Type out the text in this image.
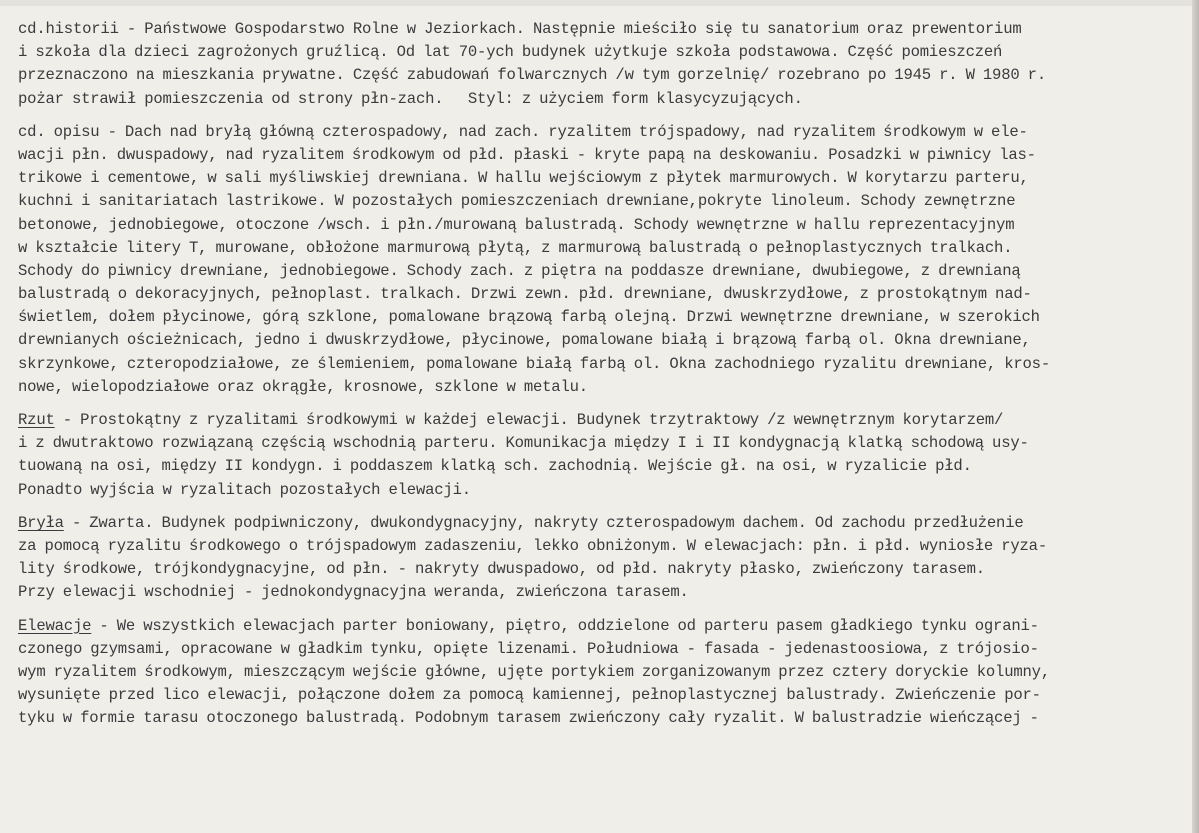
cd.historii - Państwowe Gospodarstwo Rolne w Jeziorkach. Następnie mieściło się tu sanatorium oraz prewentorium
i szkoła dla dzieci zagrożonych gruźlicą. Od lat 70-ych budynek użytkuje szkoła podstawowa. Część pomieszczeń
przeznaczono na mieszkania prywatne. Część zabudowań folwarcznych /w tym gorzelnię/ rozebrano po 1945 r. W 1980 r.
pożar strawił pomieszczenia od strony płn-zach.   Styl: z użyciem form klasycyzujących.
cd. opisu - Dach nad bryłą główną czterospadowy, nad zach. ryzalitem trójspadowy, nad ryzalitem środkowym w ele-
wacji płn. dwuspadowy, nad ryzalitem środkowym od płd. płaski - kryte papą na deskowaniu. Posadzki w piwnicy las-
trikowe i cementowe, w sali myśliwskiej drewniana. W hallu wejściowym z płytek marmurowych. W korytarzu parteru,
kuchni i sanitariatach lastrikowe. W pozostałych pomieszczeniach drewniane,pokryte linoleum. Schody zewnętrzne
betonowe, jednobiegowe, otoczone /wsch. i płn./murowaną balustradą. Schody wewnętrzne w hallu reprezentacyjnym
w kształcie litery T, murowane, obłożone marmurową płytą, z marmurową balustradą o pełnoplastycznych tralkach.
Schody do piwnicy drewniane, jednobiegowe. Schody zach. z piętra na poddasze drewniane, dwubiegowe, z drewnianą
balustradą o dekoracyjnych, pełnoplast. tralkach. Drzwi zewn. płd. drewniane, dwuskrzydłowe, z prostokątnym nad-
świetlem, dołem płycinowe, górą szklone, pomalowane brązową farbą olejną. Drzwi wewnętrzne drewniane, w szerokich
drewnianych ościeżnicach, jedno i dwuskrzydłowe, płycinowe, pomalowane białą i brązową farbą ol. Okna drewniane,
skrzynkowe, czteropodziałowe, ze ślemieniem, pomalowane białą farbą ol. Okna zachodniego ryzalitu drewniane, kros-
nowe, wielopodziałowe oraz okrągłe, krosnowe, szklone w metalu.
Rzut - Prostokątny z ryzalitami środkowymi w każdej elewacji. Budynek trzytraktowy /z wewnętrznym korytarzem/
i z dwutraktowo rozwiązaną częścią wschodnią parteru. Komunikacja między I i II kondygnacją klatką schodową usy-
tuowaną na osi, między II kondygn. i poddaszem klatką sch. zachodnią. Wejście gł. na osi, w ryzalicie płd.
Ponadto wyjścia w ryzalitach pozostałych elewacji.
Bryła - Zwarta. Budynek podpiwniczony, dwukondygnacyjny, nakryty czterospadowym dachem. Od zachodu przedłużenie
za pomocą ryzalitu środkowego o trójspadowym zadaszeniu, lekko obniżonym. W elewacjach: płn. i płd. wyniosłe ryza-
lity środkowe, trójkondygnacyjne, od płn. - nakryty dwuspadowo, od płd. nakryty płasko, zwieńczony tarasem.
Przy elewacji wschodniej - jednokondygnacyjna weranda, zwieńczona tarasem.
Elewacje - We wszystkich elewacjach parter boniowany, piętro, oddzielone od parteru pasem gładkiego tynku ograni-
czonego gzymsami, opracowane w gładkim tynku, opięte lizenami. Południowa - fasada - jedenastoosiowa, z trójosio-
wym ryzalitem środkowym, mieszczącym wejście główne, ujęte portykiem zorganizowanym przez cztery doryckie kolumny,
wysunięte przed lico elewacji, połączone dołem za pomocą kamiennej, pełnoplastycznej balustrady. Zwieńczenie por-
tyku w formie tarasu otoczonego balustradą. Podobnym tarasem zwieńczony cały ryzalit. W balustradzie wieńczącej -
